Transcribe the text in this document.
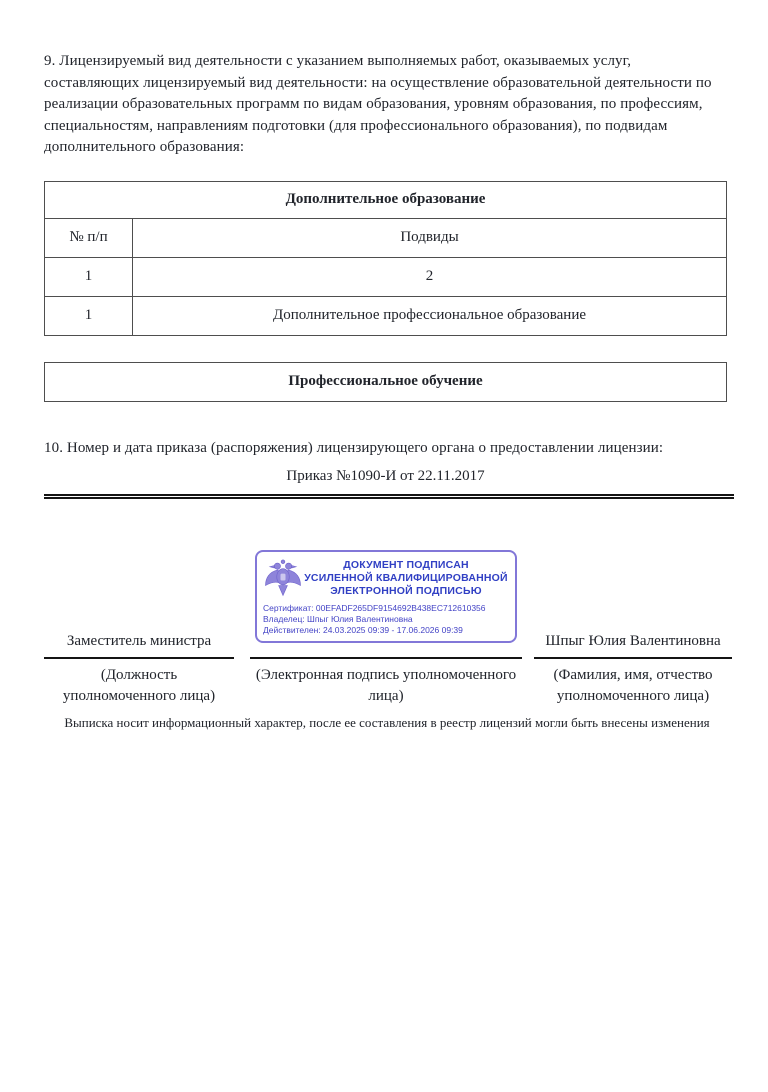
9. Лицензируемый вид деятельности с указанием выполняемых работ, оказываемых услуг, составляющих лицензируемый вид деятельности: на осуществление образовательной деятельности по реализации образовательных программ по видам образования, уровням образования, по профессиям, специальностям, направлениям подготовки (для профессионального образования), по подвидам дополнительного образования:

Дополнительное образование	
№ п/п	Подвиды
1	2
1	Дополнительное профессиональное образование
Профессиональное обучение

10. Номер и дата приказа (распоряжения) лицензирующего органа о предоставлении лицензии:

Приказ №1090-И от 22.11.2017
Заместитель министра
(Должность уполномоченного лица)
ДОКУМЕНТ ПОДПИСАН
УСИЛЕННОЙ КВАЛИФИЦИРОВАННОЙ
ЭЛЕКТРОННОЙ ПОДПИСЬЮ
Сертификат: 00EFADF265DF9154692B438EC712610356
Владелец: Шпыг Юлия Валентиновна
Действителен: 24.03.2025 09:39 - 17.06.2026 09:39
(Электронная подпись уполномоченного лица)
Шпыг Юлия Валентиновна
(Фамилия, имя, отчество уполномоченного лица)
Выписка носит информационный характер, после ее составления в реестр лицензий могли быть внесены изменения
